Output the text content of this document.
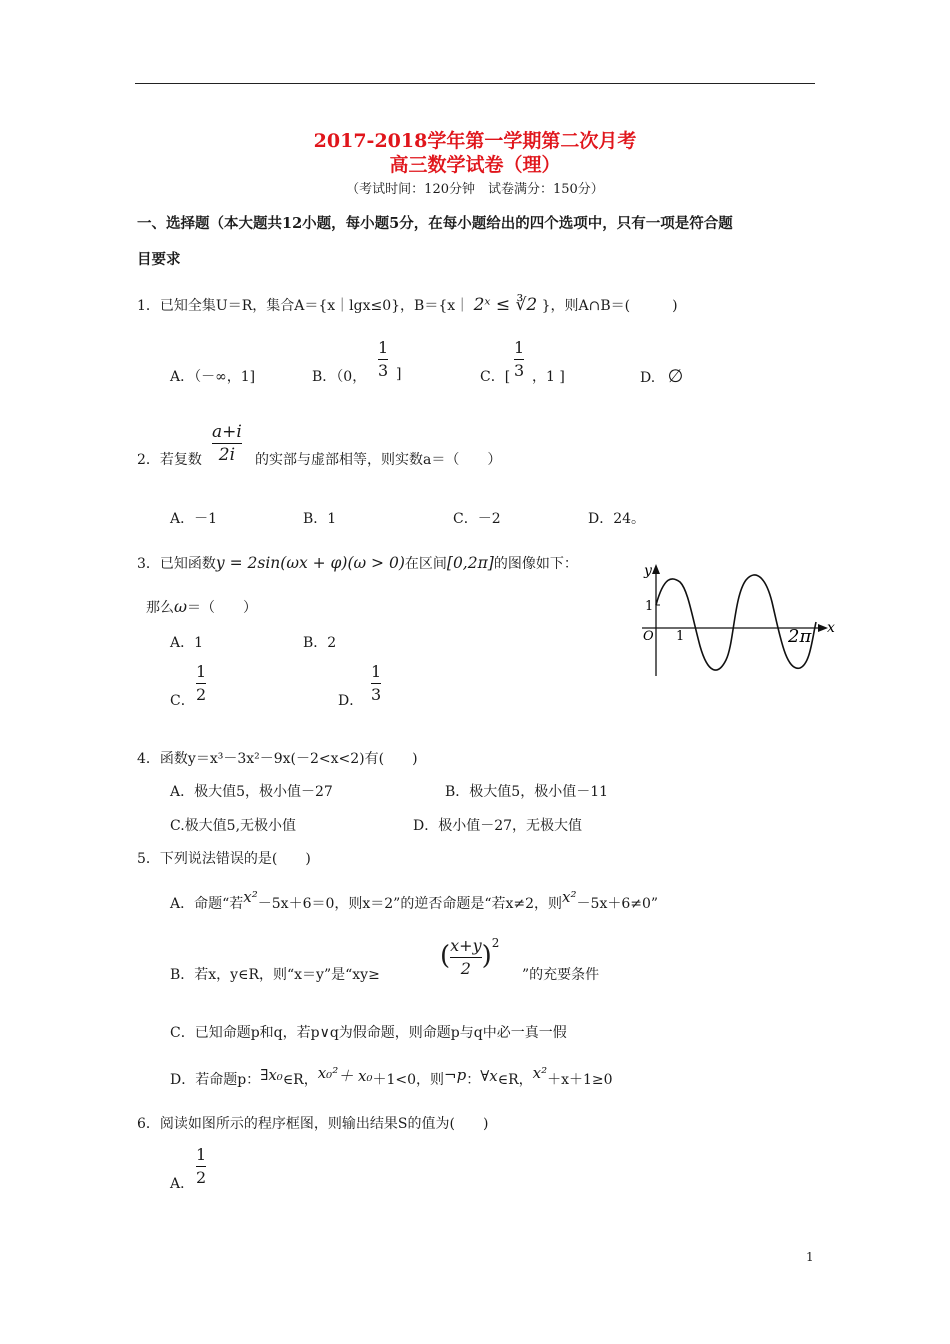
2017-2018学年第一学期第二次月考
高三数学试卷（理）
（考试时间：120分钟　试卷满分：150分）
一、选择题（本大题共12小题，每小题5分，在每小题给出的四个选项中，只有一项是符合题
目要求
1．已知全集U＝R，集合A＝{x｜lgx≤0}，B＝{x｜ 2ˣ ≤ ∛2 }，则A∩B＝(　　　)
A．（－∞，1]	B．（0，
1
3 ]	C．[
1
3 ，1 ]	D. ∅
2．若复数
a+i
2i	的实部与虚部相等，则实数a＝（　　）
A．－1	B．1	C．－2	D．24。
3．已知函数y = 2sin(ωx + φ)(ω > 0)在区间[0,2π]的图像如下：
那么ω＝（　　）
A．1	B．2
C．
1
2	D．
1
3
y
x
O
1
1	2π
4．函数y＝x³－3x²－9x(－2<x<2)有(　　)
A．极大值5，极小值－27	B．极大值5，极小值－11
C.极大值5,无极小值	D．极小值－27，无极大值
5．下列说法错误的是(　　)
A．命题“若x²－5x＋6＝0，则x＝2”的逆否命题是“若x≠2，则x²－5x＋6≠0”
B．若x，y∈R，则“x＝y”是“xy≥
( $\frac{x+y}{2} )^2$
”的充要条件
C．已知命题p和q，若p∨q为假命题，则命题p与q中必一真一假
D．若命题p：∃x₀∈R，x₀²＋ x₀＋1<0，则¬p：∀x∈R，x²＋x＋1≥0
6．阅读如图所示的程序框图，则输出结果S的值为(　　)
A．
1
2
1
